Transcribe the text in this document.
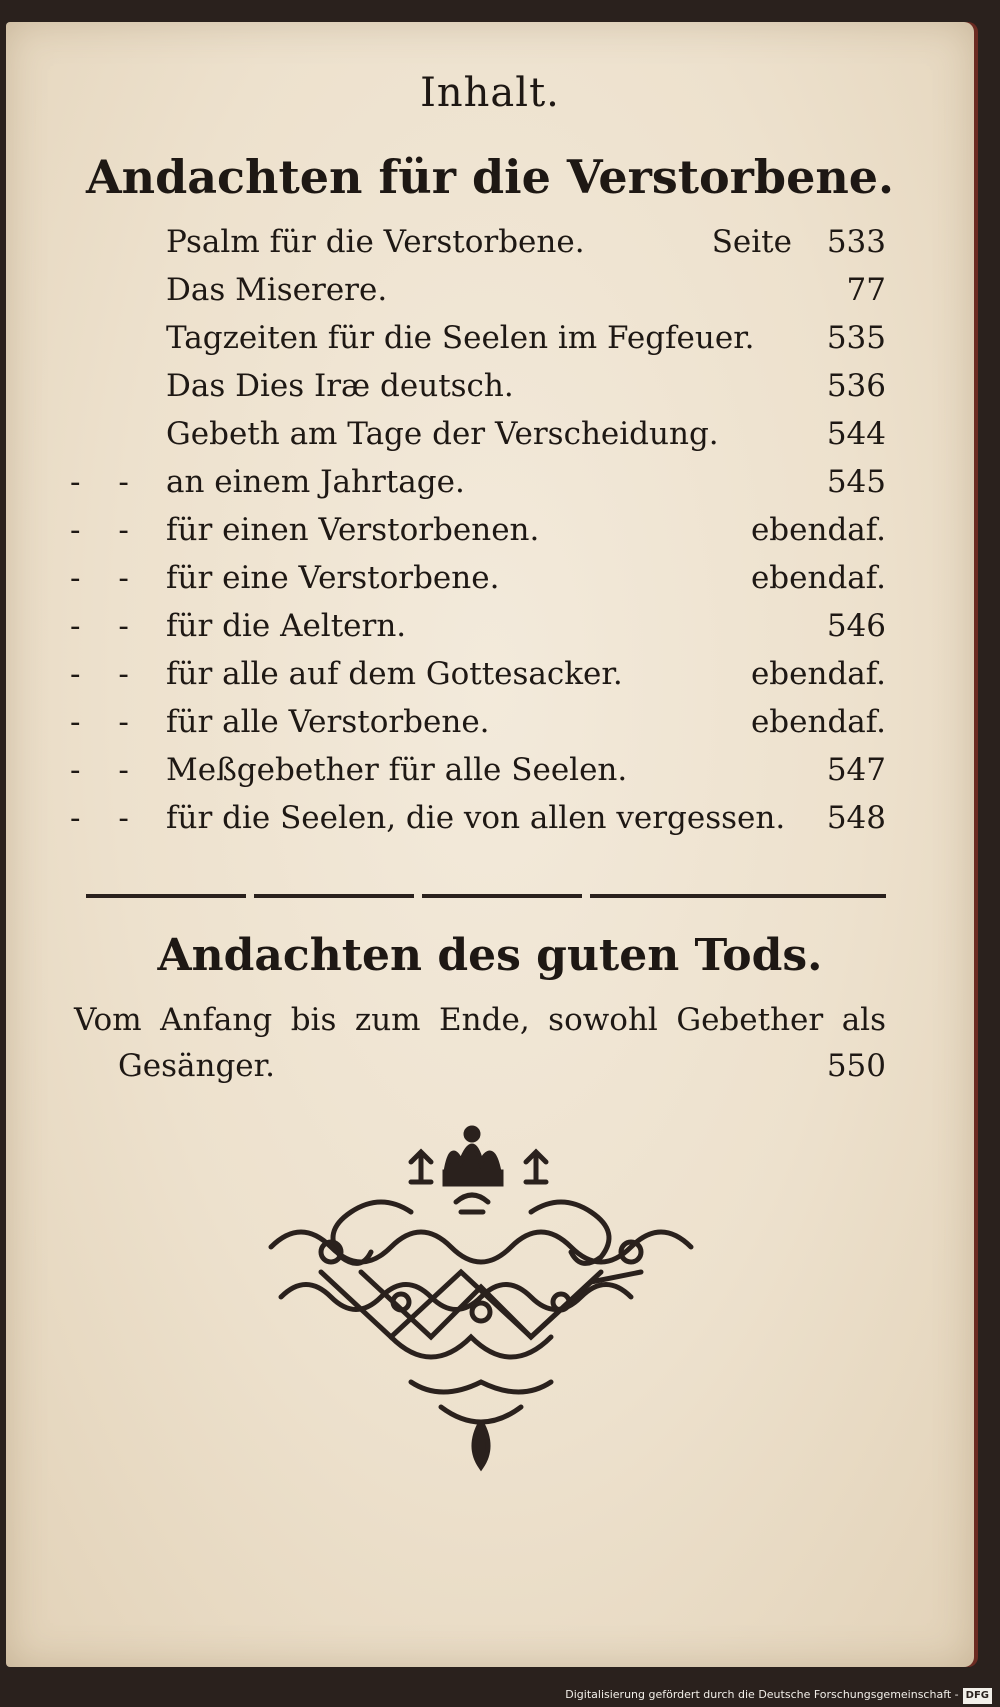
Inhalt.
Andachten für die Verstorbene.
Psalm für die Verstorbene.	Seite	533
Das Miserere.	77
Tagzeiten für die Seelen im Fegfeuer.	535
Das Dies Iræ deutsch.	536
Gebeth am Tage der Verscheidung.	544
- - an einem Jahrtage.	545
- - für einen Verstorbenen.	ebendaf.
- - für eine Verstorbene.	ebendaf.
- - für die Aeltern.	546
- - für alle auf dem Gottesacker.	ebendaf.
- - für alle Verstorbene.	ebendaf.
- - Meßgebether für alle Seelen.	547
- - für die Seelen, die von allen vergessen.	548
Andachten des guten Tods.
Vom Anfang bis zum Ende, sowohl Gebether als
Gesänger.	550
Digitalisierung gefördert durch die Deutsche Forschungsgemeinschaft - DFG
